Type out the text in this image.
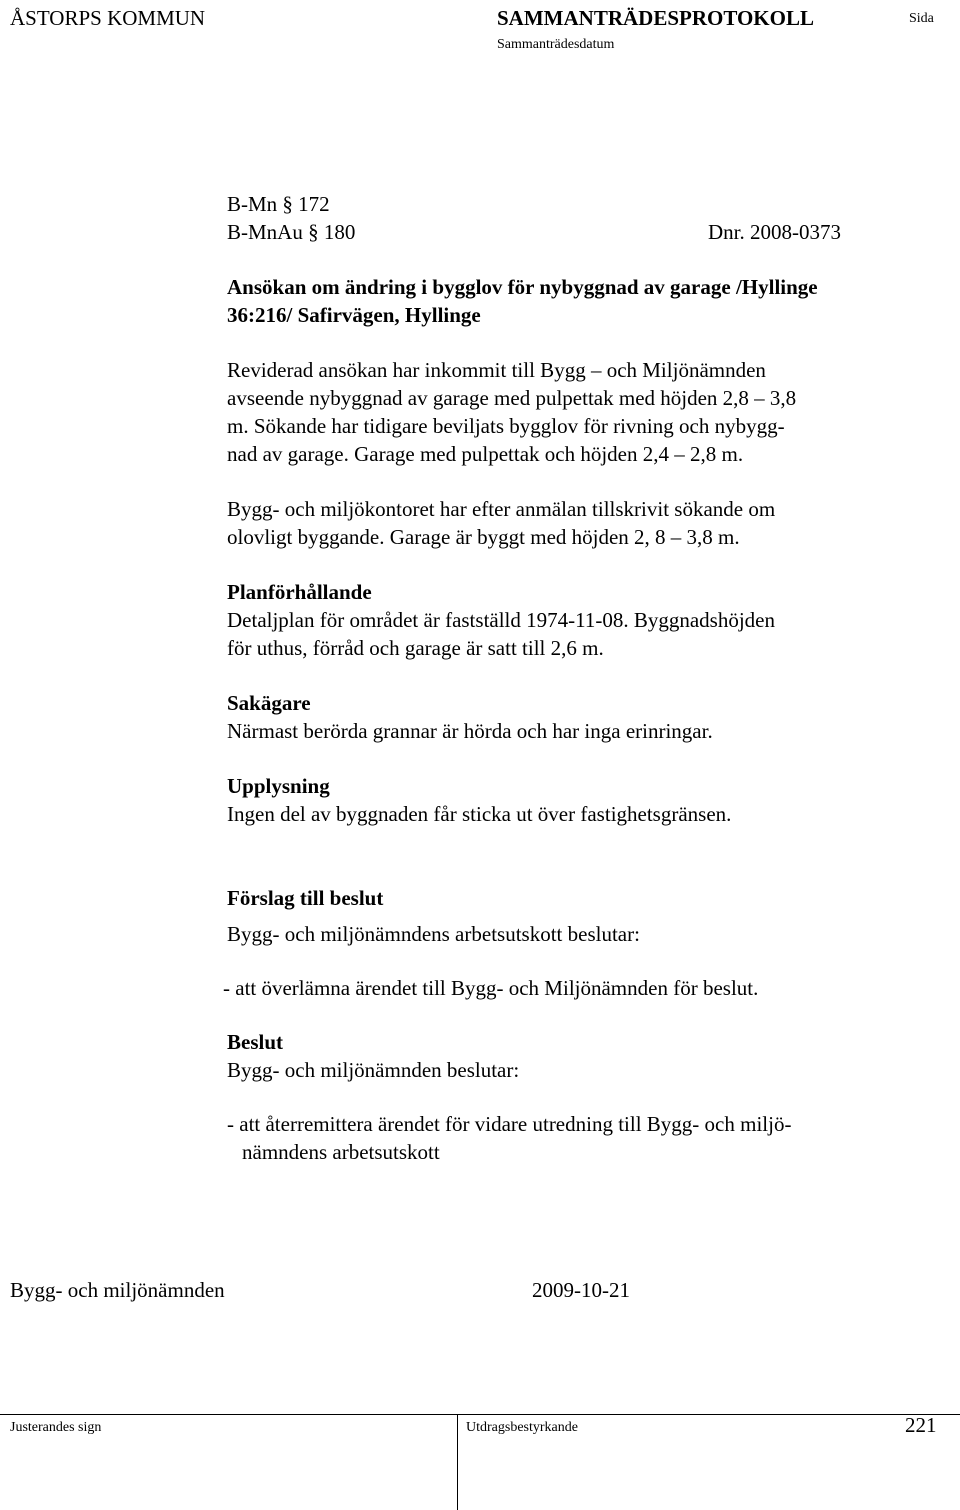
ÅSTORPS KOMMUN	SAMMANTRÄDESPROTOKOLL	Sida
Sammanträdesdatum

B-Mn § 172

B-MnAu § 180	Dnr. 2008-0373

Ansökan om ändring i bygglov för nybyggnad av garage /Hyllinge

36:216/ Safirvägen, Hyllinge

Reviderad ansökan har inkommit till Bygg – och Miljönämnden

avseende nybyggnad av garage med pulpettak med höjden 2,8 – 3,8

m. Sökande har tidigare beviljats bygglov för rivning och nybygg-

nad av garage. Garage med pulpettak och höjden 2,4 – 2,8 m.

Bygg- och miljökontoret har efter anmälan tillskrivit sökande om

olovligt byggande. Garage är byggt med höjden 2, 8 – 3,8 m.

Planförhållande

Detaljplan för området är fastställd 1974-11-08. Byggnadshöjden

för uthus, förråd och garage är satt till 2,6 m.

Sakägare

Närmast berörda grannar är hörda och har inga erinringar.

Upplysning

Ingen del av byggnaden får sticka ut över fastighetsgränsen.

Förslag till beslut

Bygg- och miljönämndens arbetsutskott beslutar:

- att överlämna ärendet till Bygg- och Miljönämnden för beslut.

Beslut

Bygg- och miljönämnden beslutar:

- att återremittera ärendet för vidare utredning till Bygg- och miljö-

nämndens arbetsutskott

Bygg- och miljönämnden	2009-10-21
Justerandes sign	Utdragsbestyrkande	221
